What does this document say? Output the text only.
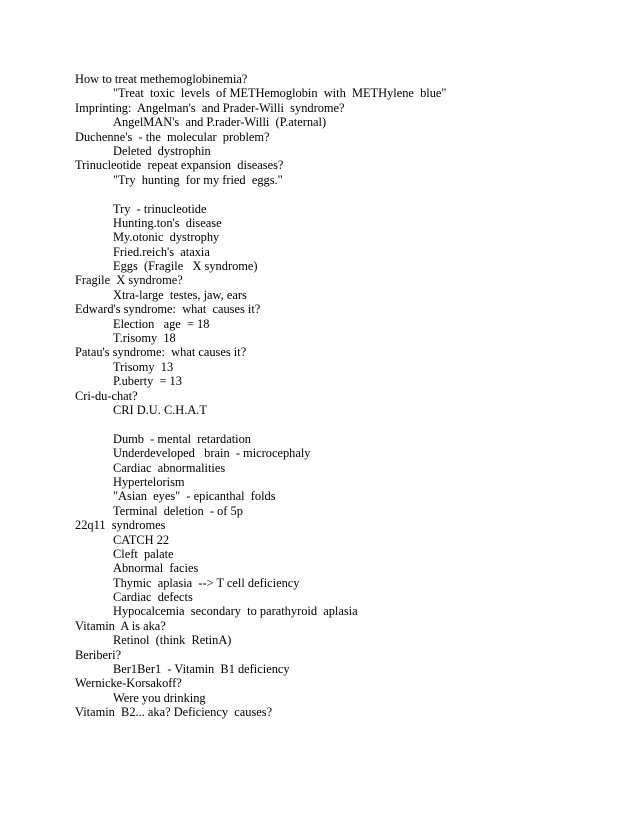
How to treat methemoglobinemia?
"Treat  toxic  levels  of METHemoglobin  with  METHylene  blue"
Imprinting:  Angelman's  and Prader-Willi  syndrome?
AngelMAN's  and P.rader-Willi  (P.aternal)
Duchenne's  - the  molecular  problem?
Deleted  dystrophin
Trinucleotide  repeat expansion  diseases?
"Try  hunting  for my fried  eggs."
Try  - trinucleotide
Hunting.ton's  disease
My.otonic  dystrophy
Fried.reich's  ataxia
Eggs  (Fragile   X syndrome)
Fragile  X syndrome?
Xtra-large  testes, jaw, ears
Edward's syndrome:  what  causes it?
Election   age  = 18
T.risomy  18
Patau's syndrome:  what causes it?
Trisomy  13
P.uberty  = 13
Cri-du-chat?
CRI D.U. C.H.A.T
Dumb  - mental  retardation
Underdeveloped   brain  - microcephaly
Cardiac  abnormalities
Hypertelorism
"Asian  eyes"  - epicanthal  folds
Terminal  deletion  - of 5p
22q11  syndromes
CATCH 22
Cleft  palate
Abnormal  facies
Thymic  aplasia  --> T cell deficiency
Cardiac  defects
Hypocalcemia  secondary  to parathyroid  aplasia
Vitamin  A is aka?
Retinol  (think  RetinA)
Beriberi?
Ber1Ber1  - Vitamin  B1 deficiency
Wernicke-Korsakoff?
Were you drinking
Vitamin  B2... aka? Deficiency  causes?
